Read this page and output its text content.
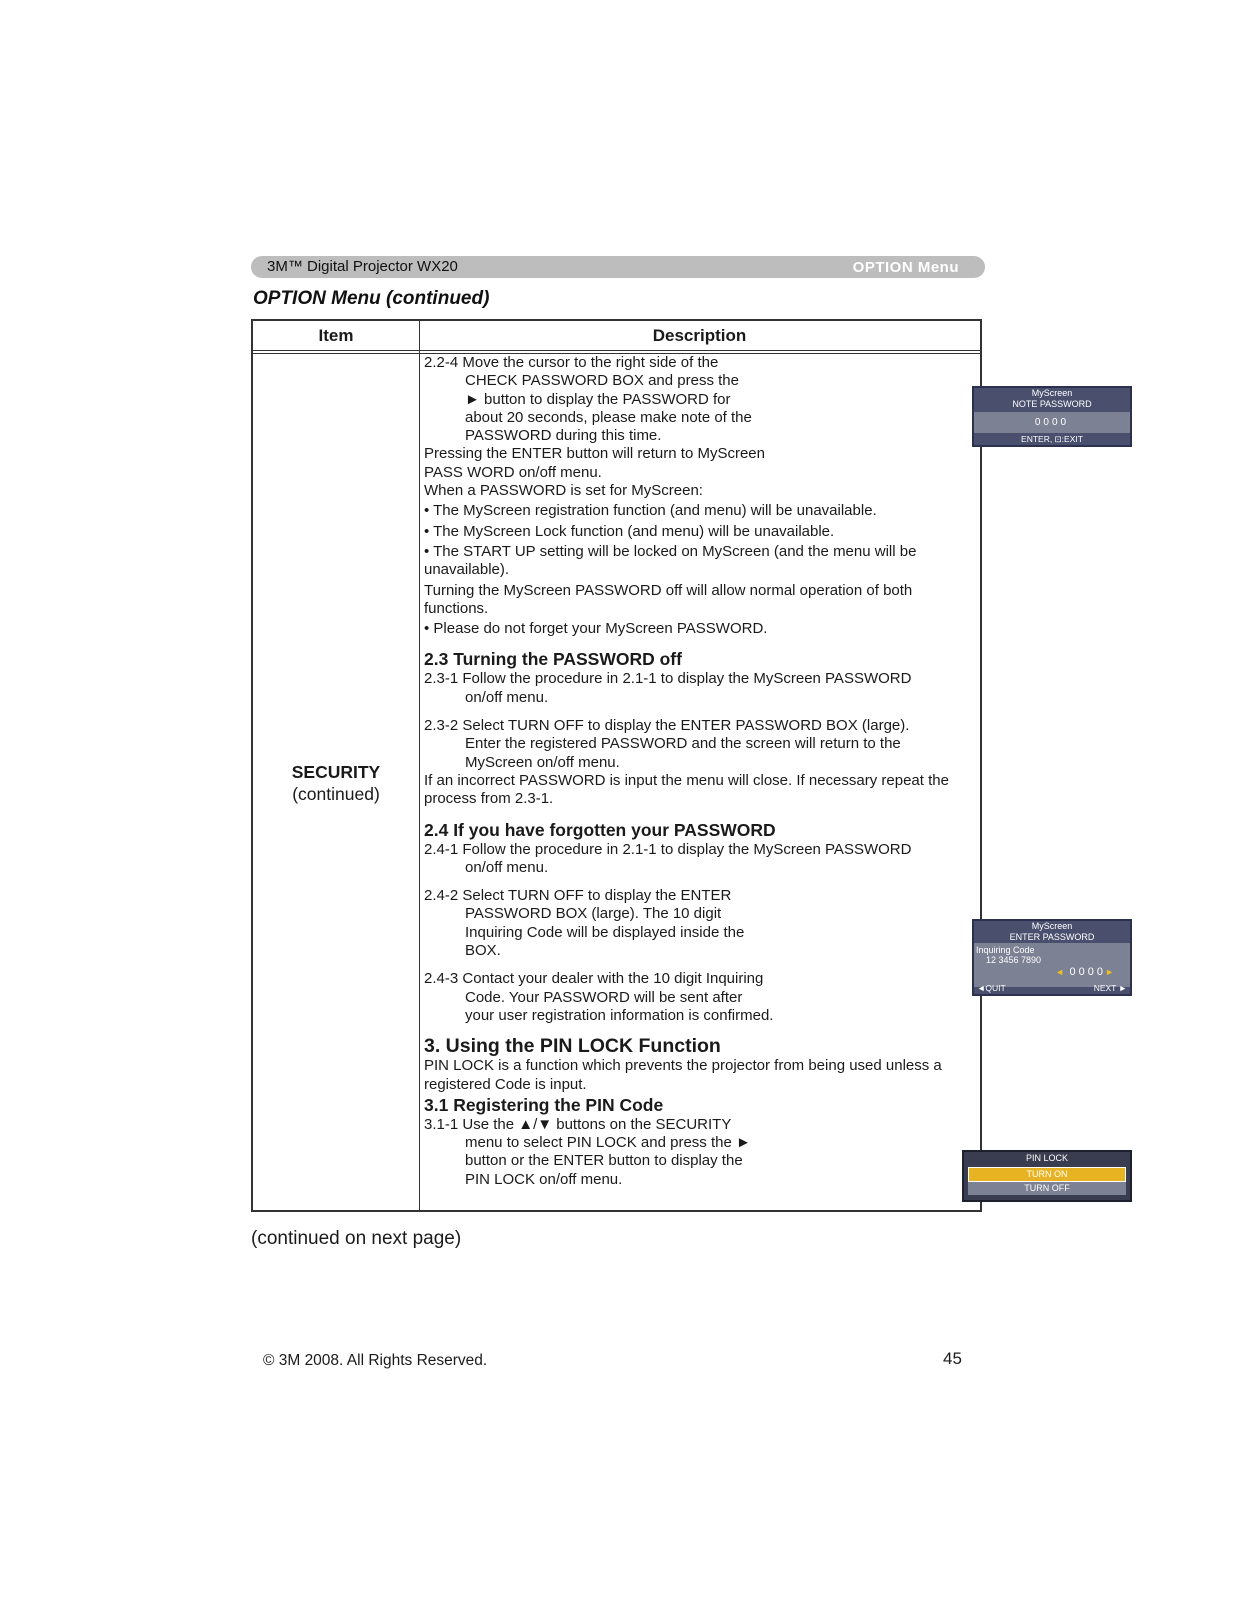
3M™ Digital Projector WX20	OPTION Menu
OPTION Menu (continued)
Item	Description
SECURITY
(continued)

2.2-4 Move the cursor to the right side of the

CHECK PASSWORD BOX and press the

► button to display the PASSWORD for

about 20 seconds, please make note of the

PASSWORD during this time.

Pressing the ENTER button will return to MyScreen

PASS WORD on/off menu.

When a PASSWORD is set for MyScreen:

• The MyScreen registration function (and menu) will be unavailable.

• The MyScreen Lock function (and menu) will be unavailable.

• The START UP setting will be locked on MyScreen (and the menu will be unavailable).

Turning the MyScreen PASSWORD off will allow normal operation of both functions.

• Please do not forget your MyScreen PASSWORD.

2.3 Turning the PASSWORD off

2.3-1 Follow the procedure in 2.1-1 to display the MyScreen PASSWORD

on/off menu.

2.3-2 Select TURN OFF to display the ENTER PASSWORD BOX (large).

Enter the registered PASSWORD and the screen will return to the

MyScreen on/off menu.

If an incorrect PASSWORD is input the menu will close. If necessary repeat the process from 2.3-1.

2.4 If you have forgotten your PASSWORD

2.4-1 Follow the procedure in 2.1-1 to display the MyScreen PASSWORD

on/off menu.

2.4-2 Select TURN OFF to display the ENTER

PASSWORD BOX (large). The 10 digit

Inquiring Code will be displayed inside the

BOX.

2.4-3 Contact your dealer with the 10 digit Inquiring

Code. Your PASSWORD will be sent after

your user registration information is confirmed.

3. Using the PIN LOCK Function

PIN LOCK is a function which prevents the projector from being used unless a registered Code is input.

3.1 Registering the PIN Code

3.1-1 Use the ▲/▼ buttons on the SECURITY

menu to select PIN LOCK and press the ►

button or the ENTER button to display the

PIN LOCK on/off menu.

MyScreen
NOTE PASSWORD
0000
ENTER, ⊡:EXIT
MyScreen
ENTER PASSWORD
Inquiring Code
12 3456 7890
◄ 0000 ►
◄QUIT	NEXT ►
PIN LOCK
TURN ON
TURN OFF
(continued on next page)
© 3M 2008. All Rights Reserved.	45
